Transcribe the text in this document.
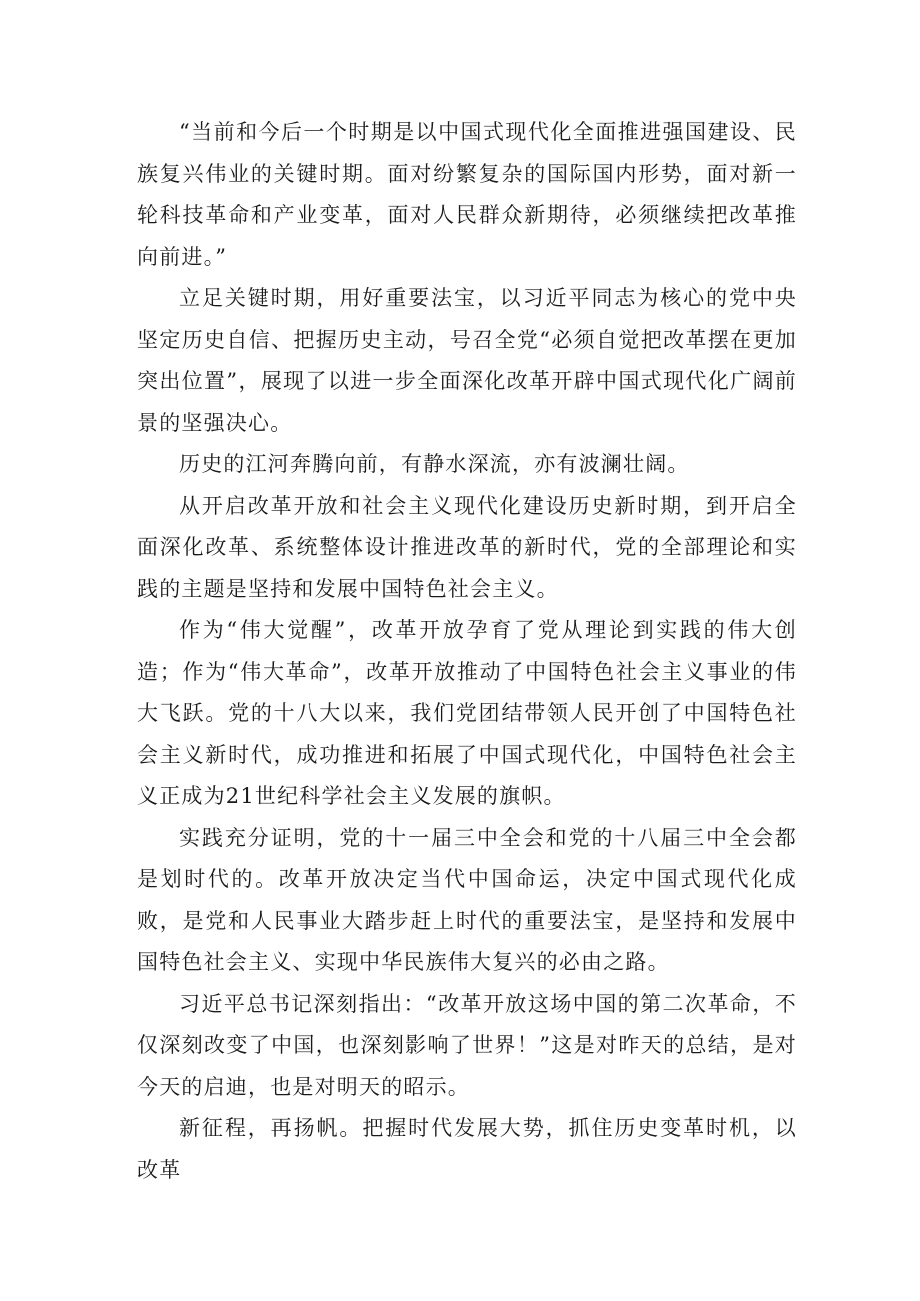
“当前和今后一个时期是以中国式现代化全面推进强国建设、民族复兴伟业的关键时期。面对纷繁复杂的国际国内形势，面对新一轮科技革命和产业变革，面对人民群众新期待，必须继续把改革推向前进。”

立足关键时期，用好重要法宝，以习近平同志为核心的党中央坚定历史自信、把握历史主动，号召全党“必须自觉把改革摆在更加突出位置”，展现了以进一步全面深化改革开辟中国式现代化广阔前景的坚强决心。

历史的江河奔腾向前，有静水深流，亦有波澜壮阔。

从开启改革开放和社会主义现代化建设历史新时期，到开启全面深化改革、系统整体设计推进改革的新时代，党的全部理论和实践的主题是坚持和发展中国特色社会主义。

作为“伟大觉醒”，改革开放孕育了党从理论到实践的伟大创造；作为“伟大革命”，改革开放推动了中国特色社会主义事业的伟大飞跃。党的十八大以来，我们党团结带领人民开创了中国特色社会主义新时代，成功推进和拓展了中国式现代化，中国特色社会主义正成为21世纪科学社会主义发展的旗帜。

实践充分证明，党的十一届三中全会和党的十八届三中全会都是划时代的。改革开放决定当代中国命运，决定中国式现代化成败，是党和人民事业大踏步赶上时代的重要法宝，是坚持和发展中国特色社会主义、实现中华民族伟大复兴的必由之路。

习近平总书记深刻指出：“改革开放这场中国的第二次革命，不仅深刻改变了中国，也深刻影响了世界！”这是对昨天的总结，是对今天的启迪，也是对明天的昭示。

新征程，再扬帆。把握时代发展大势，抓住历史变革时机，以改革
